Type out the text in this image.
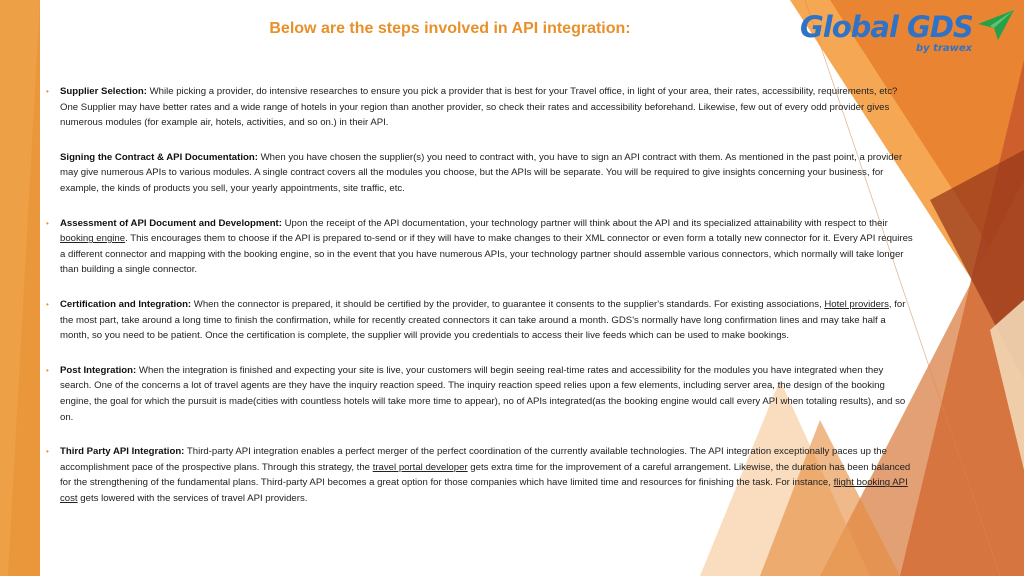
Below are the steps involved in API integration:	Global GDS
by trawex
• Supplier Selection: While picking a provider, do intensive researches to ensure you pick a provider that is best for your Travel office, in light of your area, their rates, accessibility, requirements, etc? One Supplier may have better rates and a wide range of hotels in your region than another provider, so check their rates and accessibility beforehand. Likewise, few out of every odd provider gives numerous modules (for example air, hotels, activities, and so on.) in their API.
Signing the Contract & API Documentation: When you have chosen the supplier(s) you need to contract with, you have to sign an API contract with them. As mentioned in the past point, a provider may give numerous APIs to various modules. A single contract covers all the modules you choose, but the APIs will be separate. You will be required to give insights concerning your business, for example, the kinds of products you sell, your yearly appointments, site traffic, etc.
• Assessment of API Document and Development: Upon the receipt of the API documentation, your technology partner will think about the API and its specialized attainability with respect to their booking engine. This encourages them to choose if the API is prepared to-send or if they will have to make changes to their XML connector or even form a totally new connector for it. Every API requires a different connector and mapping with the booking engine, so in the event that you have numerous APIs, your technology partner should assemble various connectors, which normally will take longer than building a single connector.
• Certification and Integration: When the connector is prepared, it should be certified by the provider, to guarantee it consents to the supplier's standards. For existing associations, Hotel providers, for the most part, take around a long time to finish the confirmation, while for recently created connectors it can take around a month. GDS's normally have long confirmation lines and may take half a month, so you need to be patient. Once the certification is complete, the supplier will provide you credentials to access their live feeds which can be used to make bookings.
• Post Integration: When the integration is finished and expecting your site is live, your customers will begin seeing real-time rates and accessibility for the modules you have integrated when they search. One of the concerns a lot of travel agents are they have the inquiry reaction speed. The inquiry reaction speed relies upon a few elements, including server area, the design of the booking engine, the goal for which the pursuit is made(cities with countless hotels will take more time to appear), no of APIs integrated(as the booking engine would call every API when totaling results), and so on.
• Third Party API Integration: Third-party API integration enables a perfect merger of the perfect coordination of the currently available technologies. The API integration exceptionally paces up the accomplishment pace of the prospective plans. Through this strategy, the travel portal developer gets extra time for the improvement of a careful arrangement. Likewise, the duration has been balanced for the strengthening of the fundamental plans. Third-party API becomes a great option for those companies which have limited time and resources for finishing the task. For instance, flight booking API cost gets lowered with the services of travel API providers.
